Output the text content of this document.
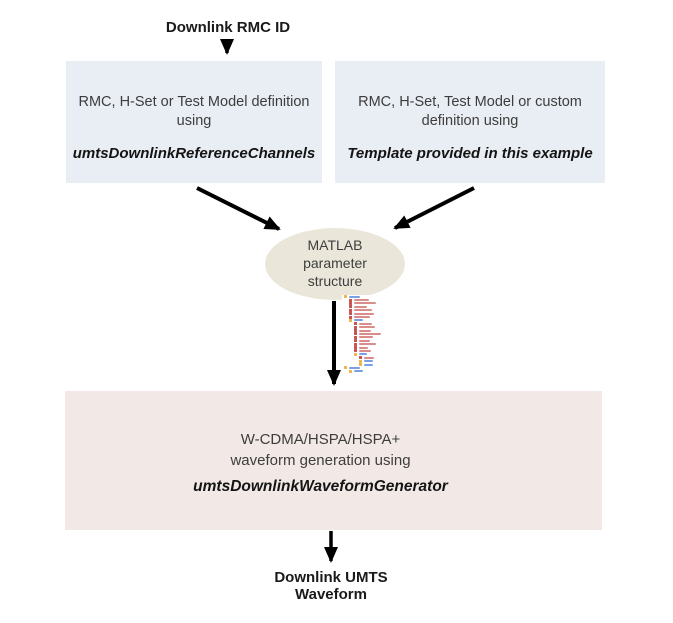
Downlink RMC ID
RMC, H-Set or Test Model definition
using
umtsDownlinkReferenceChannels
RMC, H-Set, Test Model or custom
definition using
Template provided in this example
MATLAB
parameter
structure
W-CDMA/HSPA/HSPA+
waveform generation using
umtsDownlinkWaveformGenerator
Downlink UMTS
Waveform
